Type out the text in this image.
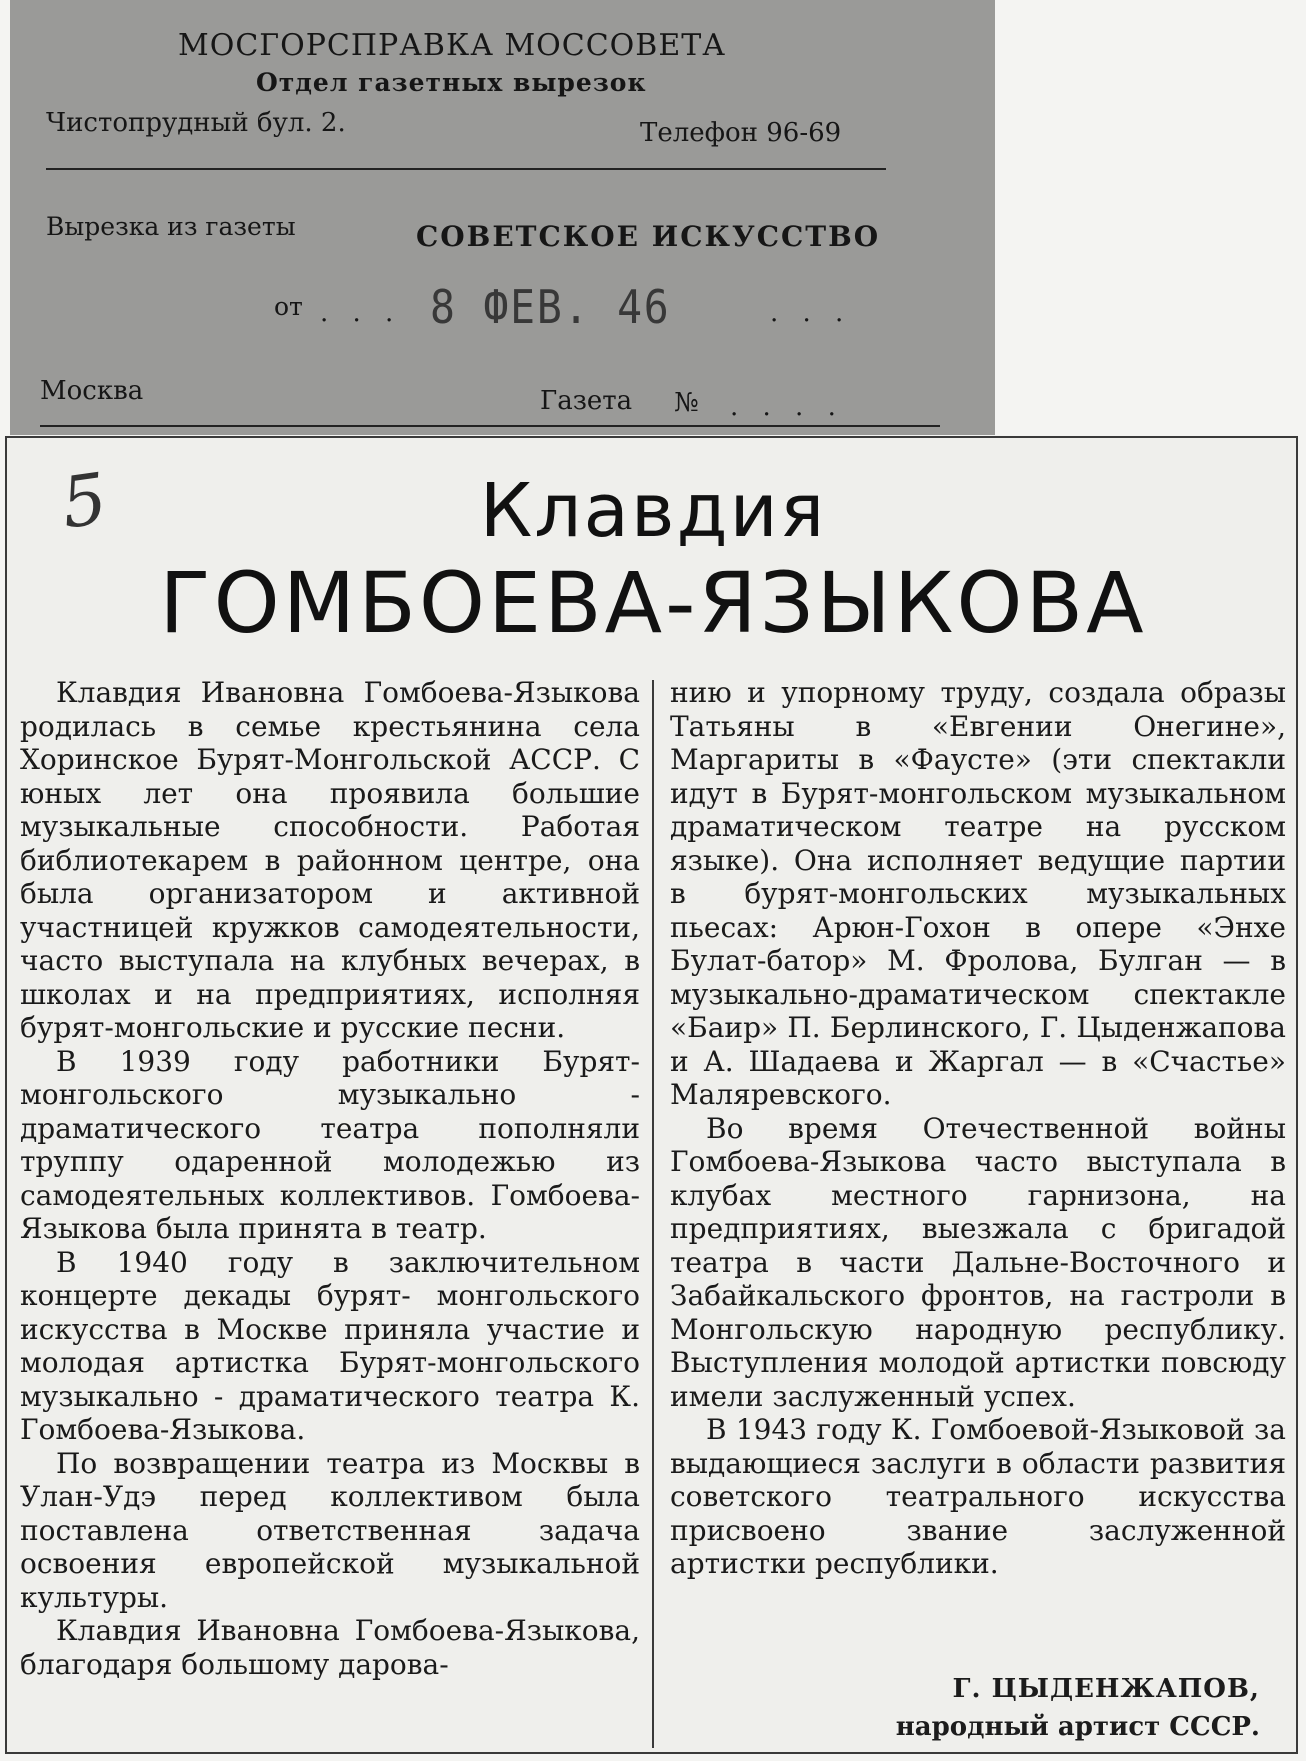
МОСГОРСПРАВКА МОССОВЕТА
Отдел газетных вырезок
Чистопрудный бул. 2.	Телефон 96-69
Вырезка из газеты	СОВЕТСКОЕ ИСКУССТВО
от . . . 8 ФЕВ. 46	. . .
Москва	Газета № . . . .
5	Клавдия
ГОМБОЕВА-ЯЗЫКОВА

Клавдия Ивановна Гомбоева-Языкова родилась в семье крестьянина села Хоринское Бурят-Монгольской АССР. С юных лет она проявила большие музыкальные способности. Работая библиотекарем в районном центре, она была организатором и активной участницей кружков самодеятельности, часто выступала на клубных вечерах, в школах и на предприятиях, исполняя бурят-монгольские и русские песни.

В 1939 году работники Бурят-монгольского музыкально - драматического театра пополняли труппу одаренной молодежью из самодеятельных коллективов. Гомбоева-Языкова была принята в театр.

В 1940 году в заключительном концерте декады бурят- монгольского искусства в Москве приняла участие и молодая артистка Бурят-монгольского музыкально - драматического театра К. Гомбоева-Языкова.

По возвращении театра из Москвы в Улан-Удэ перед коллективом была поставлена ответственная задача освоения европейской музыкальной культуры.

Клавдия Ивановна Гомбоева-Языкова, благодаря большому дарова-

нию и упорному труду, создала образы Татьяны в «Евгении Онегине», Маргариты в «Фаусте» (эти спектакли идут в Бурят-монгольском музыкальном драматическом театре на русском языке). Она исполняет ведущие партии в бурят-монгольских музыкальных пьесах: Арюн-Гохон в опере «Энхе Булат-батор» М. Фролова, Булган — в музыкально-драматическом спектакле «Баир» П. Берлинского, Г. Цыденжапова и А. Шадаева и Жаргал — в «Счастье» Маляревского.

Во время Отечественной войны Гомбоева-Языкова часто выступала в клубах местного гарнизона, на предприятиях, выезжала с бригадой театра в части Дальне-Восточного и Забайкальского фронтов, на гастроли в Монгольскую народную республику. Выступления молодой артистки повсюду имели заслуженный успех.

В 1943 году К. Гомбоевой-Языковой за выдающиеся заслуги в области развития советского театрального искусства присвоено звание заслуженной артистки республики.

Г. ЦЫДЕНЖАПОВ,
народный артист СССР.
